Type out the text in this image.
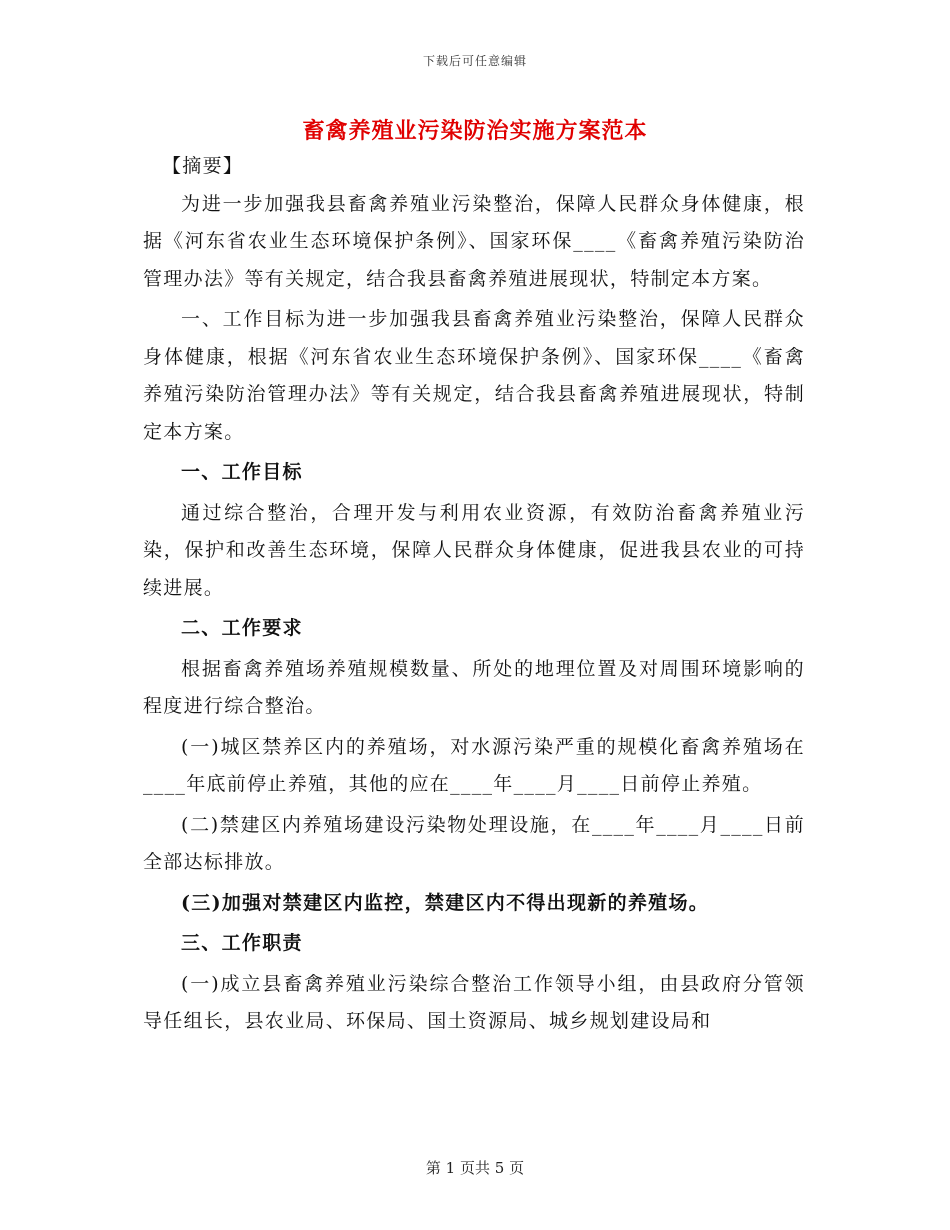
下载后可任意编辑
畜禽养殖业污染防治实施方案范本

【摘要】

为进一步加强我县畜禽养殖业污染整治，保障人民群众身体健康，根据《河东省农业生态环境保护条例》、国家环保____《畜禽养殖污染防治管理办法》等有关规定，结合我县畜禽养殖进展现状，特制定本方案。

一、工作目标为进一步加强我县畜禽养殖业污染整治，保障人民群众身体健康，根据《河东省农业生态环境保护条例》、国家环保____《畜禽养殖污染防治管理办法》等有关规定，结合我县畜禽养殖进展现状，特制定本方案。

一、工作目标

通过综合整治，合理开发与利用农业资源，有效防治畜禽养殖业污染，保护和改善生态环境，保障人民群众身体健康，促进我县农业的可持续进展。

二、工作要求

根据畜禽养殖场养殖规模数量、所处的地理位置及对周围环境影响的程度进行综合整治。

(一)城区禁养区内的养殖场，对水源污染严重的规模化畜禽养殖场在____年底前停止养殖，其他的应在____年____月____日前停止养殖。

(二)禁建区内养殖场建设污染物处理设施，在____年____月____日前全部达标排放。

(三)加强对禁建区内监控，禁建区内不得出现新的养殖场。

三、工作职责

(一)成立县畜禽养殖业污染综合整治工作领导小组，由县政府分管领导任组长，县农业局、环保局、国土资源局、城乡规划建设局和

第 1 页共 5 页
